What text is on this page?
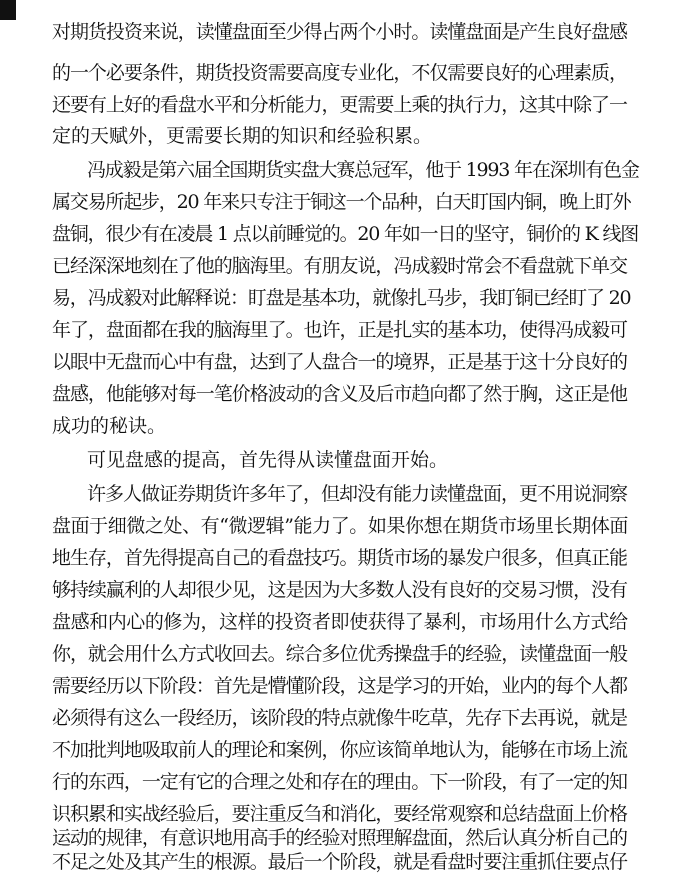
对期货投资来说，读懂盘面至少得占两个小时。读懂盘面是产生良好盘感
的一个必要条件，期货投资需要高度专业化，不仅需要良好的心理素质，
还要有上好的看盘水平和分析能力，更需要上乘的执行力，这其中除了一
定的天赋外，更需要长期的知识和经验积累。
冯成毅是第六届全国期货实盘大赛总冠军，他于 1993 年在深圳有色金
属交易所起步，20 年来只专注于铜这一个品种，白天盯国内铜，晚上盯外
盘铜，很少有在凌晨 1 点以前睡觉的。20 年如一日的坚守，铜价的 K 线图
已经深深地刻在了他的脑海里。有朋友说，冯成毅时常会不看盘就下单交
易，冯成毅对此解释说：盯盘是基本功，就像扎马步，我盯铜已经盯了 20
年了，盘面都在我的脑海里了。也许，正是扎实的基本功，使得冯成毅可
以眼中无盘而心中有盘，达到了人盘合一的境界，正是基于这十分良好的
盘感，他能够对每一笔价格波动的含义及后市趋向都了然于胸，这正是他
成功的秘诀。
可见盘感的提高，首先得从读懂盘面开始。
许多人做证券期货许多年了，但却没有能力读懂盘面，更不用说洞察
盘面于细微之处、有“微逻辑”能力了。如果你想在期货市场里长期体面
地生存，首先得提高自己的看盘技巧。期货市场的暴发户很多，但真正能
够持续赢利的人却很少见，这是因为大多数人没有良好的交易习惯，没有
盘感和内心的修为，这样的投资者即使获得了暴利，市场用什么方式给
你，就会用什么方式收回去。综合多位优秀操盘手的经验，读懂盘面一般
需要经历以下阶段：首先是懵懂阶段，这是学习的开始，业内的每个人都
必须得有这么一段经历，该阶段的特点就像牛吃草，先存下去再说，就是
不加批判地吸取前人的理论和案例，你应该简单地认为，能够在市场上流
行的东西，一定有它的合理之处和存在的理由。下一阶段，有了一定的知
识积累和实战经验后，要注重反刍和消化，要经常观察和总结盘面上价格
运动的规律，有意识地用高手的经验对照理解盘面，然后认真分析自己的
不足之处及其产生的根源。最后一个阶段，就是看盘时要注重抓住要点仔
